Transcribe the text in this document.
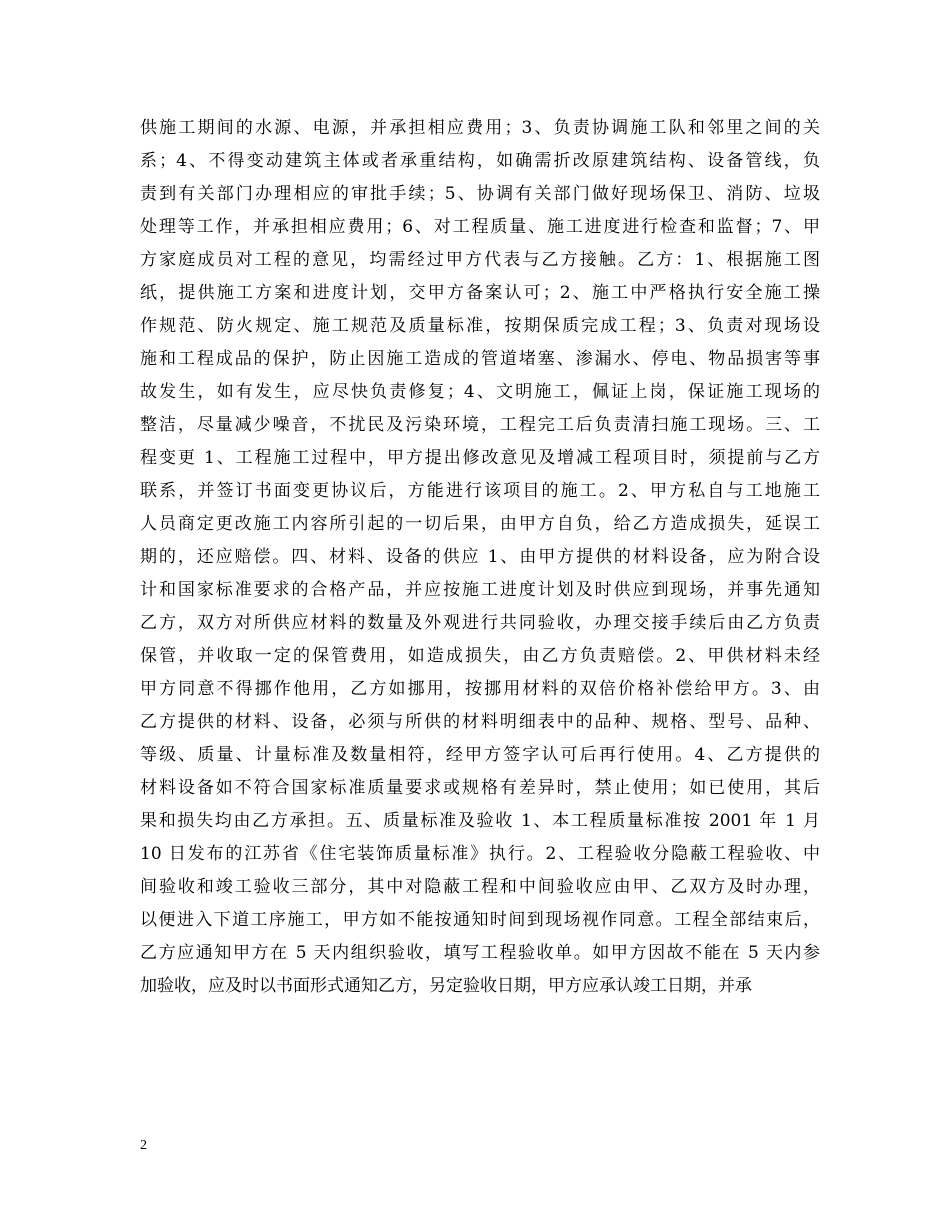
供施工期间的水源、电源，并承担相应费用；3、负责协调施工队和邻里之间的关
系；4、不得变动建筑主体或者承重结构，如确需折改原建筑结构、设备管线，负
责到有关部门办理相应的审批手续；5、协调有关部门做好现场保卫、消防、垃圾
处理等工作，并承担相应费用；6、对工程质量、施工进度进行检查和监督；7、甲
方家庭成员对工程的意见，均需经过甲方代表与乙方接触。乙方：1、根据施工图
纸，提供施工方案和进度计划，交甲方备案认可；2、施工中严格执行安全施工操
作规范、防火规定、施工规范及质量标准，按期保质完成工程；3、负责对现场设
施和工程成品的保护，防止因施工造成的管道堵塞、渗漏水、停电、物品损害等事
故发生，如有发生，应尽快负责修复；4、文明施工，佩证上岗，保证施工现场的
整洁，尽量减少噪音，不扰民及污染环境，工程完工后负责清扫施工现场。三、工
程变更 1、工程施工过程中，甲方提出修改意见及增减工程项目时，须提前与乙方
联系，并签订书面变更协议后，方能进行该项目的施工。2、甲方私自与工地施工
人员商定更改施工内容所引起的一切后果，由甲方自负，给乙方造成损失，延误工
期的，还应赔偿。四、材料、设备的供应 1、由甲方提供的材料设备，应为附合设
计和国家标准要求的合格产品，并应按施工进度计划及时供应到现场，并事先通知
乙方，双方对所供应材料的数量及外观进行共同验收，办理交接手续后由乙方负责
保管，并收取一定的保管费用，如造成损失，由乙方负责赔偿。2、甲供材料未经
甲方同意不得挪作他用，乙方如挪用，按挪用材料的双倍价格补偿给甲方。3、由
乙方提供的材料、设备，必须与所供的材料明细表中的品种、规格、型号、品种、
等级、质量、计量标准及数量相符，经甲方签字认可后再行使用。4、乙方提供的
材料设备如不符合国家标准质量要求或规格有差异时，禁止使用；如已使用，其后
果和损失均由乙方承担。五、质量标准及验收 1、本工程质量标准按 2001 年 1 月
10 日发布的江苏省《住宅装饰质量标准》执行。2、工程验收分隐蔽工程验收、中
间验收和竣工验收三部分，其中对隐蔽工程和中间验收应由甲、乙双方及时办理，
以便进入下道工序施工，甲方如不能按通知时间到现场视作同意。工程全部结束后，
乙方应通知甲方在 5 天内组织验收，填写工程验收单。如甲方因故不能在 5 天内参
加验收，应及时以书面形式通知乙方，另定验收日期，甲方应承认竣工日期，并承
2
